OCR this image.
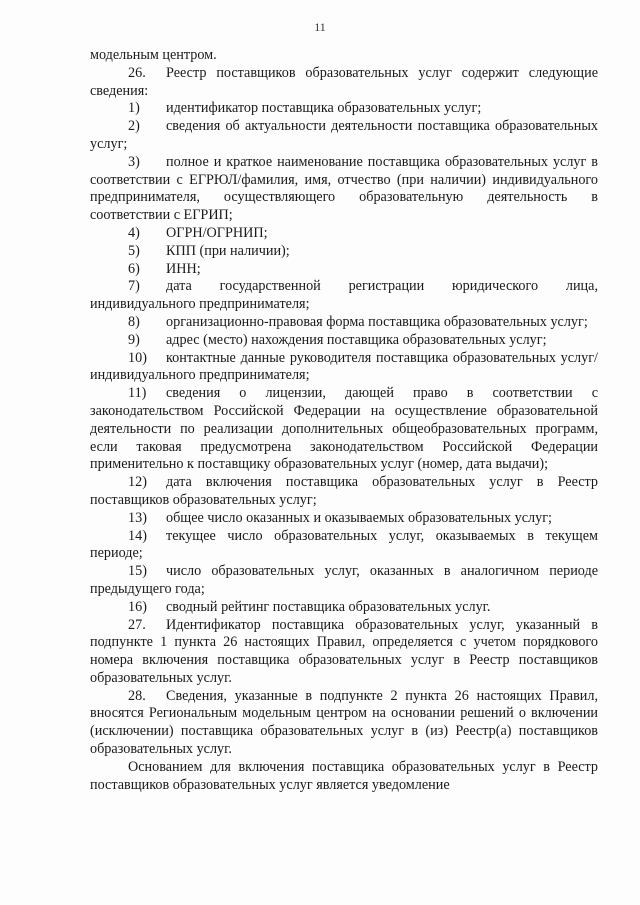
11

модельным центром.

26. Реестр поставщиков образовательных услуг содержит следующие сведения:

1) идентификатор поставщика образовательных услуг;

2) сведения об актуальности деятельности поставщика образовательных услуг;

3) полное и краткое наименование поставщика образовательных услуг в соответствии с ЕГРЮЛ/фамилия, имя, отчество (при наличии) индивидуального предпринимателя, осуществляющего образовательную деятельность в соответствии с ЕГРИП;

4) ОГРН/ОГРНИП;

5) КПП (при наличии);

6) ИНН;

7) дата государственной регистрации юридического лица, индивидуального предпринимателя;

8) организационно-правовая форма поставщика образовательных услуг;

9) адрес (место) нахождения поставщика образовательных услуг;

10) контактные данные руководителя поставщика образовательных услуг/ индивидуального предпринимателя;

11) сведения о лицензии, дающей право в соответствии с законодательством Российской Федерации на осуществление образовательной деятельности по реализации дополнительных общеобразовательных программ, если таковая предусмотрена законодательством Российской Федерации применительно к поставщику образовательных услуг (номер, дата выдачи);

12) дата включения поставщика образовательных услуг в Реестр поставщиков образовательных услуг;

13) общее число оказанных и оказываемых образовательных услуг;

14) текущее число образовательных услуг, оказываемых в текущем периоде;

15) число образовательных услуг, оказанных в аналогичном периоде предыдущего года;

16) сводный рейтинг поставщика образовательных услуг.

27. Идентификатор поставщика образовательных услуг, указанный в подпункте 1 пункта 26 настоящих Правил, определяется с учетом порядкового номера включения поставщика образовательных услуг в Реестр поставщиков образовательных услуг.

28. Сведения, указанные в подпункте 2 пункта 26 настоящих Правил, вносятся Региональным модельным центром на основании решений о включении (исключении) поставщика образовательных услуг в (из) Реестр(а) поставщиков образовательных услуг.

Основанием для включения поставщика образовательных услуг в Реестр поставщиков образовательных услуг является уведомление
